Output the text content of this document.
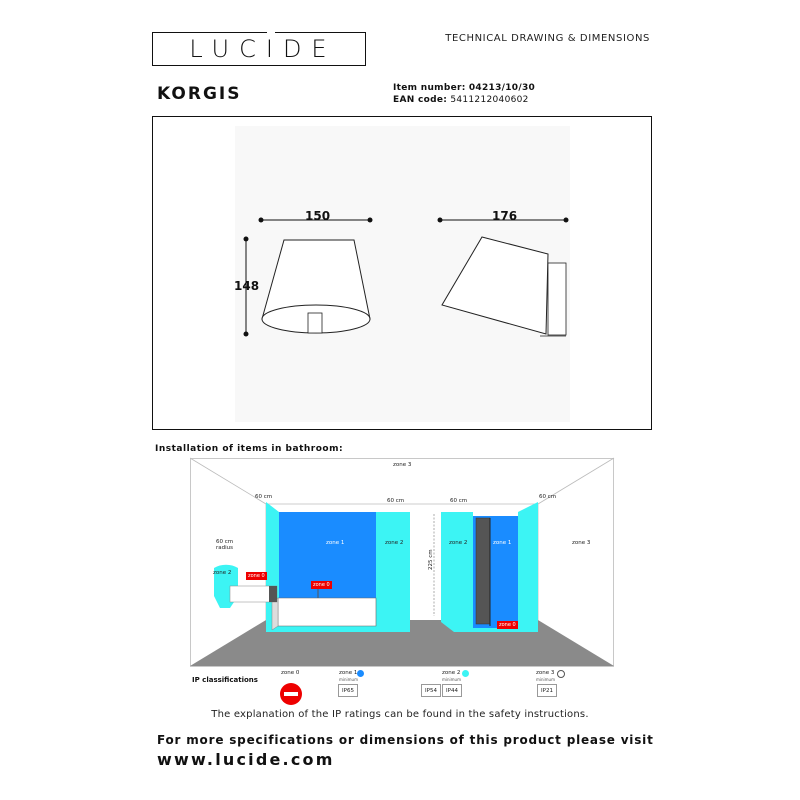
LUCIDE	TECHNICAL DRAWING & DIMENSIONS
KORGIS	Item number: 04213/10/30
EAN code: 5411212040602
150
148
176
Installation of items in bathroom:
zone 3
60 cm
60 cm	60 cm
60 cm
60 cm
radius
zone 2	zone 0
zone 1
zone 0
zone 2
225 cm
zone 2	zone 1
zone 0
zone 3
IP classifications
zone 0	zone 1
minimum
IP65
zone 2
minimum
IP54	IP44
zone 3
minimum
IP21
The explanation of the IP ratings can be found in the safety instructions.
For more specifications or dimensions of this product please visit
www.lucide.com
